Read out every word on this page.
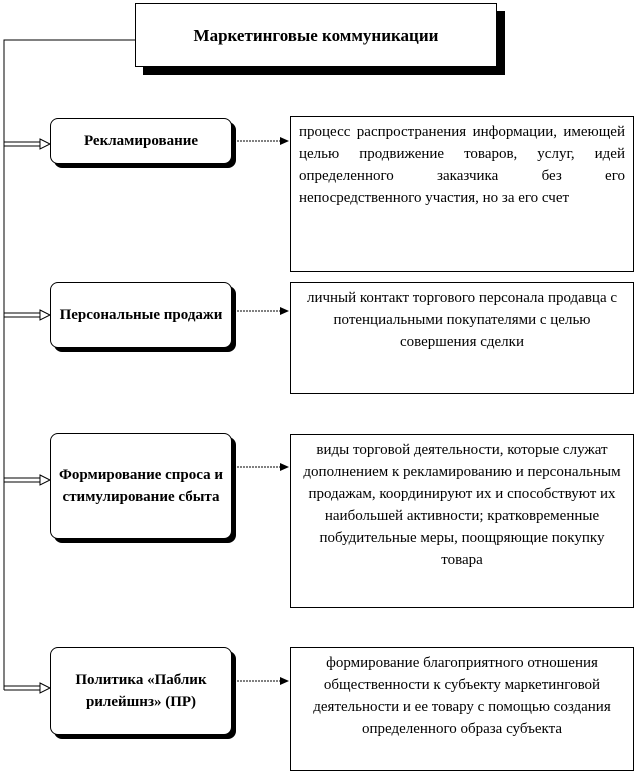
Маркетинговые коммуникации
Рекламирование
Персональные продажи
Формирование спроса и стимулирование сбыта
Политика «Паблик рилейшнз» (ПР)
процесс распространения информации, имеющей целью продвижение товаров, услуг, идей определенного заказчика без его непосредственного участия, но за его счет
личный контакт торгового персонала продавца с потенциальными покупателями с целью совершения сделки
виды торговой деятельности, которые служат дополнением к рекламированию и персональным продажам, координируют их и способствуют их наибольшей активности; кратковременные побудительные меры, поощряющие покупку товара
формирование благоприятного отношения общественности к субъекту маркетинговой деятельности и ее товару с помощью создания определенного образа субъекта
